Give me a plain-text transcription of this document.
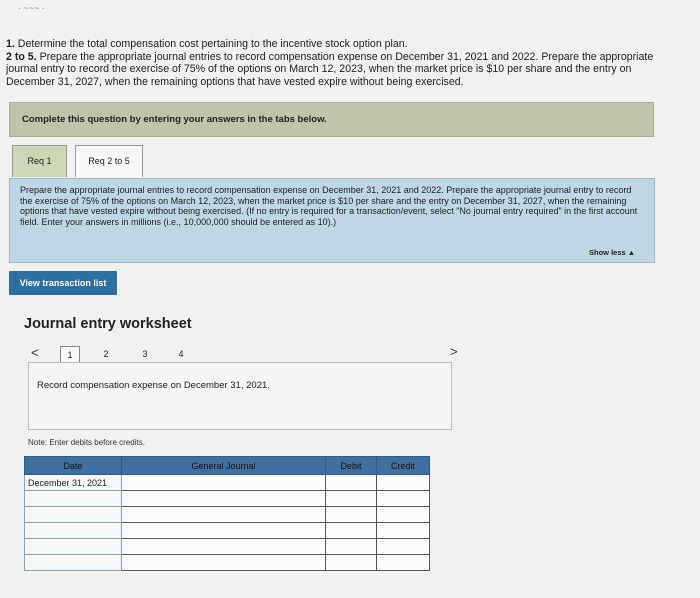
· ~~~ ·
1. Determine the total compensation cost pertaining to the incentive stock option plan.
2 to 5. Prepare the appropriate journal entries to record compensation expense on December 31, 2021 and 2022. Prepare the appropriate journal entry to record the exercise of 75% of the options on March 12, 2023, when the market price is $10 per share and the entry on December 31, 2027, when the remaining options that have vested expire without being exercised.
Complete this question by entering your answers in the tabs below.
Req 1	Req 2 to 5
Prepare the appropriate journal entries to record compensation expense on December 31, 2021 and 2022. Prepare the appropriate journal entry to record the exercise of 75% of the options on March 12, 2023, when the market price is $10 per share and the entry on December 31, 2027, when the remaining options that have vested expire without being exercised. (If no entry is required for a transaction/event, select "No journal entry required" in the first account field. Enter your answers in millions (i.e., 10,000,000 should be entered as 10).)
Show less ▲
View transaction list
Journal entry worksheet
<	1	2	3	4	>
Record compensation expense on December 31, 2021.
Note: Enter debits before credits.
Date	General Journal	Debit	Credit
December 31, 2021			
